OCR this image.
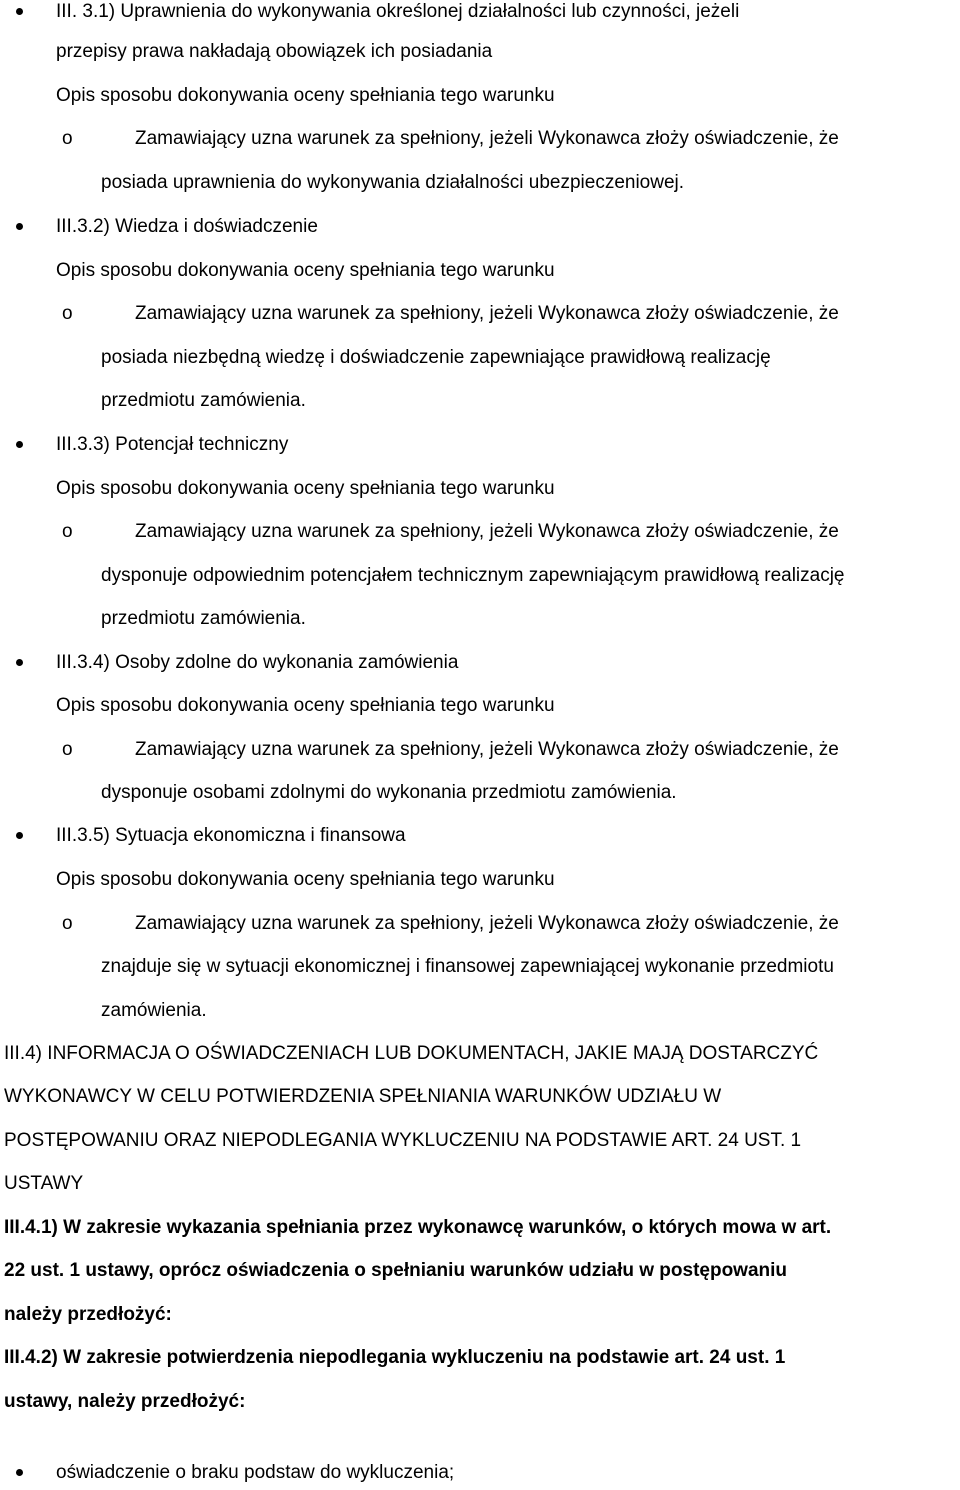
III. 3.1) Uprawnienia do wykonywania określonej działalności lub czynności, jeżeli
przepisy prawa nakładają obowiązek ich posiadania
Opis sposobu dokonywania oceny spełniania tego warunku
o	Zamawiający uzna warunek za spełniony, jeżeli Wykonawca złoży oświadczenie, że
posiada uprawnienia do wykonywania działalności ubezpieczeniowej.
III.3.2) Wiedza i doświadczenie
Opis sposobu dokonywania oceny spełniania tego warunku
o	Zamawiający uzna warunek za spełniony, jeżeli Wykonawca złoży oświadczenie, że
posiada niezbędną wiedzę i doświadczenie zapewniające prawidłową realizację
przedmiotu zamówienia.
III.3.3) Potencjał techniczny
Opis sposobu dokonywania oceny spełniania tego warunku
o	Zamawiający uzna warunek za spełniony, jeżeli Wykonawca złoży oświadczenie, że
dysponuje odpowiednim potencjałem technicznym zapewniającym prawidłową realizację
przedmiotu zamówienia.
III.3.4) Osoby zdolne do wykonania zamówienia
Opis sposobu dokonywania oceny spełniania tego warunku
o	Zamawiający uzna warunek za spełniony, jeżeli Wykonawca złoży oświadczenie, że
dysponuje osobami zdolnymi do wykonania przedmiotu zamówienia.
III.3.5) Sytuacja ekonomiczna i finansowa
Opis sposobu dokonywania oceny spełniania tego warunku
o	Zamawiający uzna warunek za spełniony, jeżeli Wykonawca złoży oświadczenie, że
znajduje się w sytuacji ekonomicznej i finansowej zapewniającej wykonanie przedmiotu
zamówienia.
III.4) INFORMACJA O OŚWIADCZENIACH LUB DOKUMENTACH, JAKIE MAJĄ DOSTARCZYĆ
WYKONAWCY W CELU POTWIERDZENIA SPEŁNIANIA WARUNKÓW UDZIAŁU W
POSTĘPOWANIU ORAZ NIEPODLEGANIA WYKLUCZENIU NA PODSTAWIE ART. 24 UST. 1
USTAWY
III.4.1) W zakresie wykazania spełniania przez wykonawcę warunków, o których mowa w art.
22 ust. 1 ustawy, oprócz oświadczenia o spełnianiu warunków udziału w postępowaniu
należy przedłożyć:
III.4.2) W zakresie potwierdzenia niepodlegania wykluczeniu na podstawie art. 24 ust. 1
ustawy, należy przedłożyć:
oświadczenie o braku podstaw do wykluczenia;
